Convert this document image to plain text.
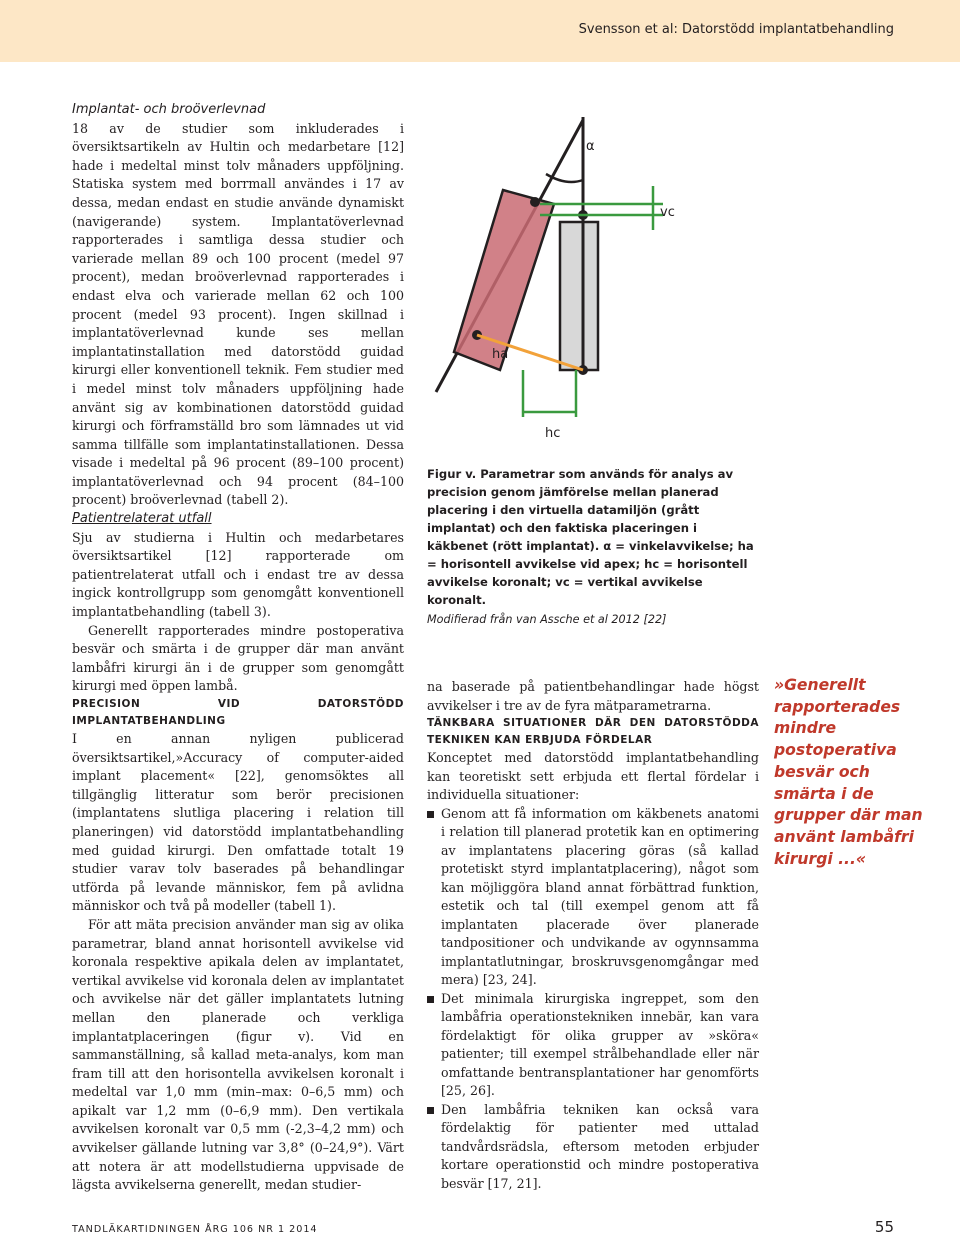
Svensson et al: Datorstödd implantatbehandling

Implantat- och broöverlevnad

18 av de studier som inkluderades i översiktsartikeln av Hultin och medarbetare [12] hade i medeltal minst tolv månaders uppföljning. Statiska system med borrmall användes i 17 av dessa, medan endast en studie använde dynamiskt (navigerande) system. Implantatöverlevnad rapporterades i samtliga dessa studier och varierade mellan 89 och 100 procent (medel 97 procent), medan broöverlevnad rapporterades i endast elva och varierade mellan 62 och 100 procent (medel 93 procent). Ingen skillnad i implantatöverlevnad kunde ses mellan implantatinstallation med datorstödd guidad kirurgi eller konventionell teknik. Fem studier med i medel minst tolv månaders uppföljning hade använt sig av kombinationen datorstödd guidad kirurgi och förframställd bro som lämnades ut vid samma tillfälle som implantatinstallationen. Dessa visade i medeltal på 96 procent (89–100 procent) implantatöverlevnad och 94 procent (84–100 procent) broöverlevnad (tabell 2).

Patientrelaterat utfall

Sju av studierna i Hultin och medarbetares översiktsartikel [12] rapporterade om patientrelaterat utfall och i endast tre av dessa ingick kontrollgrupp som genomgått konventionell implantatbehandling (tabell 3).

Generellt rapporterades mindre postoperativa besvär och smärta i de grupper där man använt lambåfri kirurgi än i de grupper som genomgått kirurgi med öppen lambå.

PRECISION VID DATORSTÖDD IMPLANTATBEHANDLING

I en annan nyligen publicerad översiktsartikel,»Accuracy of computer-aided implant placement« [22], genomsöktes all tillgänglig litteratur som berör precisionen (implantatens slutliga placering i relation till planeringen) vid datorstödd implantatbehandling med guidad kirurgi. Den omfattade totalt 19 studier varav tolv baserades på behandlingar utförda på levande människor, fem på avlidna människor och två på modeller (tabell 1).

För att mäta precision använder man sig av olika parametrar, bland annat horisontell avvikelse vid koronala respektive apikala delen av implantatet, vertikal avvikelse vid koronala delen av implantatet och avvikelse när det gäller implantatets lutning mellan den planerade och verkliga implantatplaceringen (figur v). Vid en sammanställning, så kallad meta-analys, kom man fram till att den horisontella avvikelsen koronalt i medeltal var 1,0 mm (min–max: 0–6,5 mm) och apikalt var 1,2 mm (0–6,9 mm). Den vertikala avvikelsen koronalt var 0,5 mm (-2,3–4,2 mm) och avvikelser gällande lutning var 3,8° (0–24,9°). Värt att notera är att modellstudierna uppvisade de lägsta avvikelserna generellt, medan studier-

α
vc
ha
hc
Figur v. Parametrar som används för analys av precision genom jämförelse mellan planerad placering i den virtuella datamiljön (grått implantat) och den faktiska placeringen i käkbenet (rött implantat). α = vinkelavvikelse; ha = horisontell avvikelse vid apex; hc = horisontell avvikelse koronalt; vc = vertikal avvikelse koronalt.
Modifierad från van Assche et al 2012 [22]

na baserade på patientbehandlingar hade högst avvikelser i tre av de fyra mätparametrarna.

TÄNKBARA SITUATIONER DÄR DEN DATORSTÖDDA TEKNIKEN KAN ERBJUDA FÖRDELAR

Konceptet med datorstödd implantatbehandling kan teoretiskt sett erbjuda ett flertal fördelar i individuella situationer:

Genom att få information om käkbenets anatomi i relation till planerad protetik kan en optimering av implantatens placering göras (så kallad protetiskt styrd implantatplacering), något som kan möjliggöra bland annat förbättrad funktion, estetik och tal (till exempel genom att få implantaten placerade över planerade tandpositioner och undvikande av ogynnsamma implantatlutningar, broskruvsgenomgångar med mera) [23, 24].

Det minimala kirurgiska ingreppet, som den lambåfria operationstekniken innebär, kan vara fördelaktigt för olika grupper av »sköra« patienter; till exempel strålbehandlade eller när omfattande bentransplantationer har genomförts [25, 26].

Den lambåfria tekniken kan också vara fördelaktig för patienter med uttalad tandvårdsrädsla, eftersom metoden erbjuder kortare operationstid och mindre postoperativa besvär [17, 21].

»Generellt rapporterades mindre postoperativa besvär och smärta i de grupper där man använt lambåfri kirurgi ...«
TANDLÄKARTIDNINGEN ÅRG 106 NR 1 2014	55
